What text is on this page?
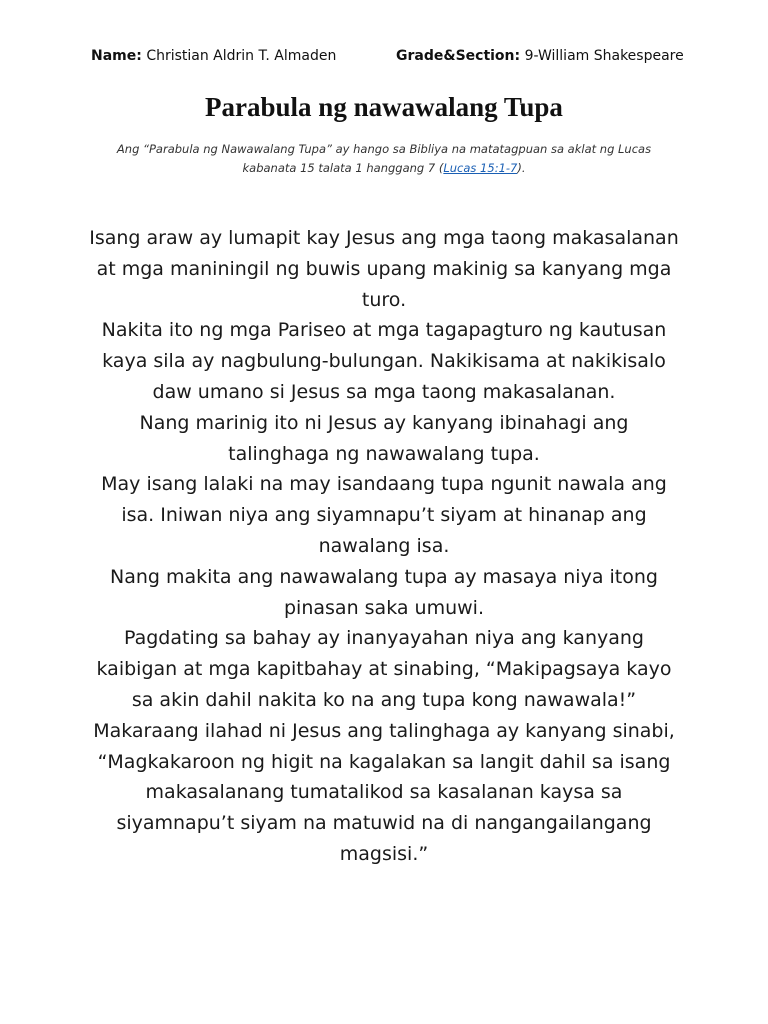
Name: Christian Aldrin T. Almaden	Grade&Section: 9-William Shakespeare
Parabula ng nawawalang Tupa
Ang “Parabula ng Nawawalang Tupa” ay hango sa Bibliya na matatagpuan sa aklat ng Lucas
kabanata 15 talata 1 hanggang 7 (Lucas 15:1-7).

Isang araw ay lumapit kay Jesus ang mga taong makasalanan at mga maniningil ng buwis upang makinig sa kanyang mga turo.

Nakita ito ng mga Pariseo at mga tagapagturo ng kautusan kaya sila ay nagbulung-bulungan. Nakikisama at nakikisalo daw umano si Jesus sa mga taong makasalanan.

Nang marinig ito ni Jesus ay kanyang ibinahagi ang talinghaga ng nawawalang tupa.

May isang lalaki na may isandaang tupa ngunit nawala ang isa. Iniwan niya ang siyamnapu’t siyam at hinanap ang nawalang isa.

Nang makita ang nawawalang tupa ay masaya niya itong pinasan saka umuwi.

Pagdating sa bahay ay inanyayahan niya ang kanyang kaibigan at mga kapitbahay at sinabing, “Makipagsaya kayo sa akin dahil nakita ko na ang tupa kong nawawala!”

Makaraang ilahad ni Jesus ang talinghaga ay kanyang sinabi, “Magkakaroon ng higit na kagalakan sa langit dahil sa isang makasalanang tumatalikod sa kasalanan kaysa sa siyamnapu’t siyam na matuwid na di nangangailangang magsisi.”
